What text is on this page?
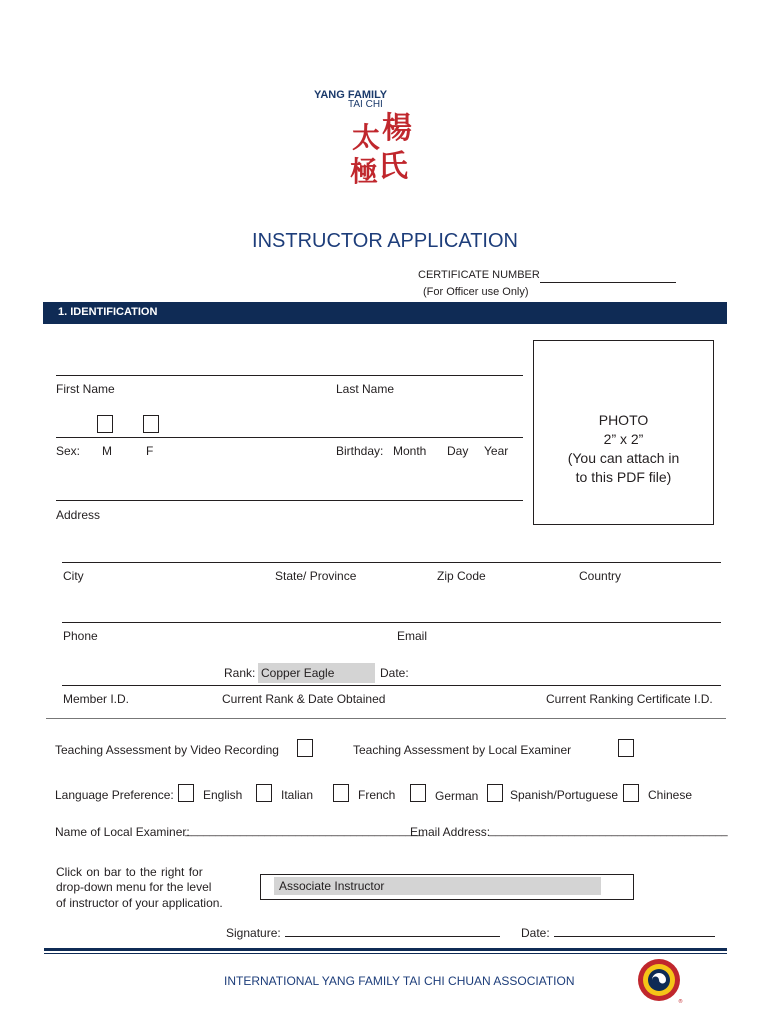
YANG FAMILY
TAI CHI
楊
氏
太
極
INSTRUCTOR APPLICATION
CERTIFICATE NUMBER
(For Officer use Only)
1. IDENTIFICATION
PHOTO
2” x 2”
(You can attach in
to this PDF file)
First Name	Last Name
Sex: M	F	Birthday: Month Day Year
Address
City	State/ Province	Zip Code	Country
Phone	Email
Rank: Copper Eagle	Date:
Member I.D.	Current Rank & Date Obtained	Current Ranking Certificate I.D.
Teaching Assessment by Video Recording	Teaching Assessment by Local Examiner
Language Preference: English	Italian	French	German	Spanish/Portuguese Chinese
Name of Local Examiner:
_______________________________________
Email Address:
_______________________________________
Click on bar to the right for
drop-down menu for the level
of instructor of your application.
Associate Instructor
Signature:	Date:
INTERNATIONAL YANG FAMILY TAI CHI CHUAN ASSOCIATION
®
